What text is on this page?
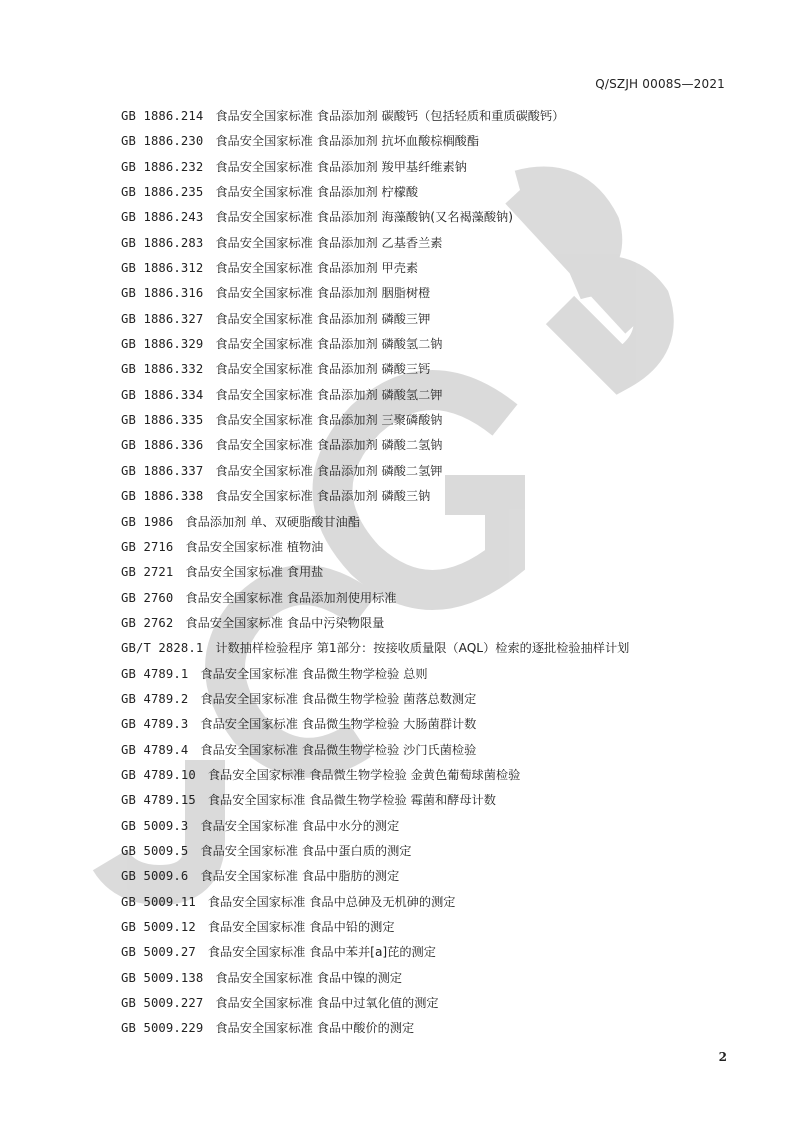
Q/SZJH 0008S—2021
GB 1886.214 食品安全国家标准 食品添加剂 碳酸钙（包括轻质和重质碳酸钙）
GB 1886.230 食品安全国家标准 食品添加剂 抗坏血酸棕榈酸酯
GB 1886.232 食品安全国家标准 食品添加剂 羧甲基纤维素钠
GB 1886.235 食品安全国家标准 食品添加剂 柠檬酸
GB 1886.243 食品安全国家标准 食品添加剂 海藻酸钠(又名褐藻酸钠)
GB 1886.283 食品安全国家标准 食品添加剂 乙基香兰素
GB 1886.312 食品安全国家标准 食品添加剂 甲壳素
GB 1886.316 食品安全国家标准 食品添加剂 胭脂树橙
GB 1886.327 食品安全国家标准 食品添加剂 磷酸三钾
GB 1886.329 食品安全国家标准 食品添加剂 磷酸氢二钠
GB 1886.332 食品安全国家标准 食品添加剂 磷酸三钙
GB 1886.334 食品安全国家标准 食品添加剂 磷酸氢二钾
GB 1886.335 食品安全国家标准 食品添加剂 三聚磷酸钠
GB 1886.336 食品安全国家标准 食品添加剂 磷酸二氢钠
GB 1886.337 食品安全国家标准 食品添加剂 磷酸二氢钾
GB 1886.338 食品安全国家标准 食品添加剂 磷酸三钠
GB 1986 食品添加剂 单、双硬脂酸甘油酯
GB 2716 食品安全国家标准 植物油
GB 2721 食品安全国家标准 食用盐
GB 2760 食品安全国家标准 食品添加剂使用标准
GB 2762 食品安全国家标准 食品中污染物限量
GB/T 2828.1 计数抽样检验程序 第1部分：按接收质量限（AQL）检索的逐批检验抽样计划
GB 4789.1 食品安全国家标准 食品微生物学检验 总则
GB 4789.2 食品安全国家标准 食品微生物学检验 菌落总数测定
GB 4789.3 食品安全国家标准 食品微生物学检验 大肠菌群计数
GB 4789.4 食品安全国家标准 食品微生物学检验 沙门氏菌检验
GB 4789.10 食品安全国家标准 食品微生物学检验 金黄色葡萄球菌检验
GB 4789.15 食品安全国家标准 食品微生物学检验 霉菌和酵母计数
GB 5009.3 食品安全国家标准 食品中水分的测定
GB 5009.5 食品安全国家标准 食品中蛋白质的测定
GB 5009.6 食品安全国家标准 食品中脂肪的测定
GB 5009.11 食品安全国家标准 食品中总砷及无机砷的测定
GB 5009.12 食品安全国家标准 食品中铅的测定
GB 5009.27 食品安全国家标准 食品中苯并[a]芘的测定
GB 5009.138 食品安全国家标准 食品中镍的测定
GB 5009.227 食品安全国家标准 食品中过氧化值的测定
GB 5009.229 食品安全国家标准 食品中酸价的测定
2
